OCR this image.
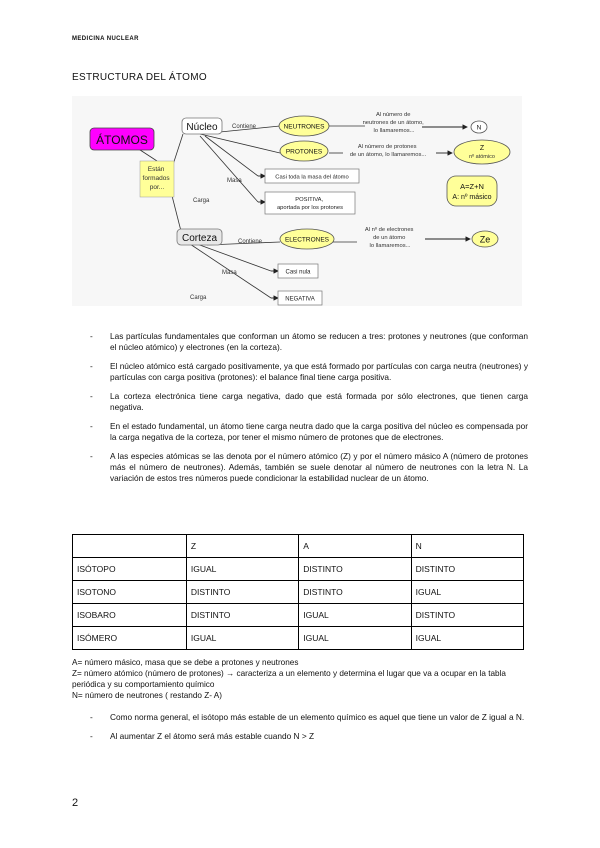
MEDICINA NUCLEAR
ESTRUCTURA DEL ÁTOMO
ÁTOMOS
Están formados por...
Núcleo Contiene	NEUTRONES
Al número de neutrones de un átomo, lo llamaremos...	N
PROTONES
Al número de protones de un átomo, lo llamaremos...
Z
nº atómico
A=Z+N
A: nº másico
Masa
Casi toda la masa del átomo
Carga	POSITIVA, aportada por los protones
Corteza	Contiene	ELECTRONES
Al nº de electrones de un átomo lo llamaremos...
Ze
Masa	Casi nula
Carga	NEGATIVA
- Las partículas fundamentales que conforman un átomo se reducen a tres: protones y neutrones (que conforman el núcleo atómico) y electrones (en la corteza).
- El núcleo atómico está cargado positivamente, ya que está formado por partículas con carga neutra (neutrones) y partículas con carga positiva (protones): el balance final tiene carga positiva.
- La corteza electrónica tiene carga negativa, dado que está formada por sólo electrones, que tienen carga negativa.
- En el estado fundamental, un átomo tiene carga neutra dado que la carga positiva del núcleo es compensada por la carga negativa de la corteza, por tener el mismo número de protones que de electrones.
- A las especies atómicas se las denota por el número atómico (Z) y por el número másico A (número de protones más el número de neutrones). Además, también se suele denotar al número de neutrones con la letra N. La variación de estos tres números puede condicionar la estabilidad nuclear de un átomo.
	Z	A	N
ISÓTOPO	IGUAL	DISTINTO	DISTINTO
ISOTONO	DISTINTO	DISTINTO	IGUAL
ISOBARO	DISTINTO	IGUAL	DISTINTO
ISÓMERO	IGUAL	IGUAL	IGUAL
A= número másico, masa que se debe a protones y neutrones
Z= número atómico (número de protones) → caracteriza a un elemento y determina el lugar que va a ocupar en la tabla periódica y su comportamiento químico
N= número de neutrones ( restando Z- A)
- Como norma general, el isótopo más estable de un elemento químico es aquel que tiene un valor de Z igual a N.
- Al aumentar Z el átomo será más estable cuando N > Z
2
